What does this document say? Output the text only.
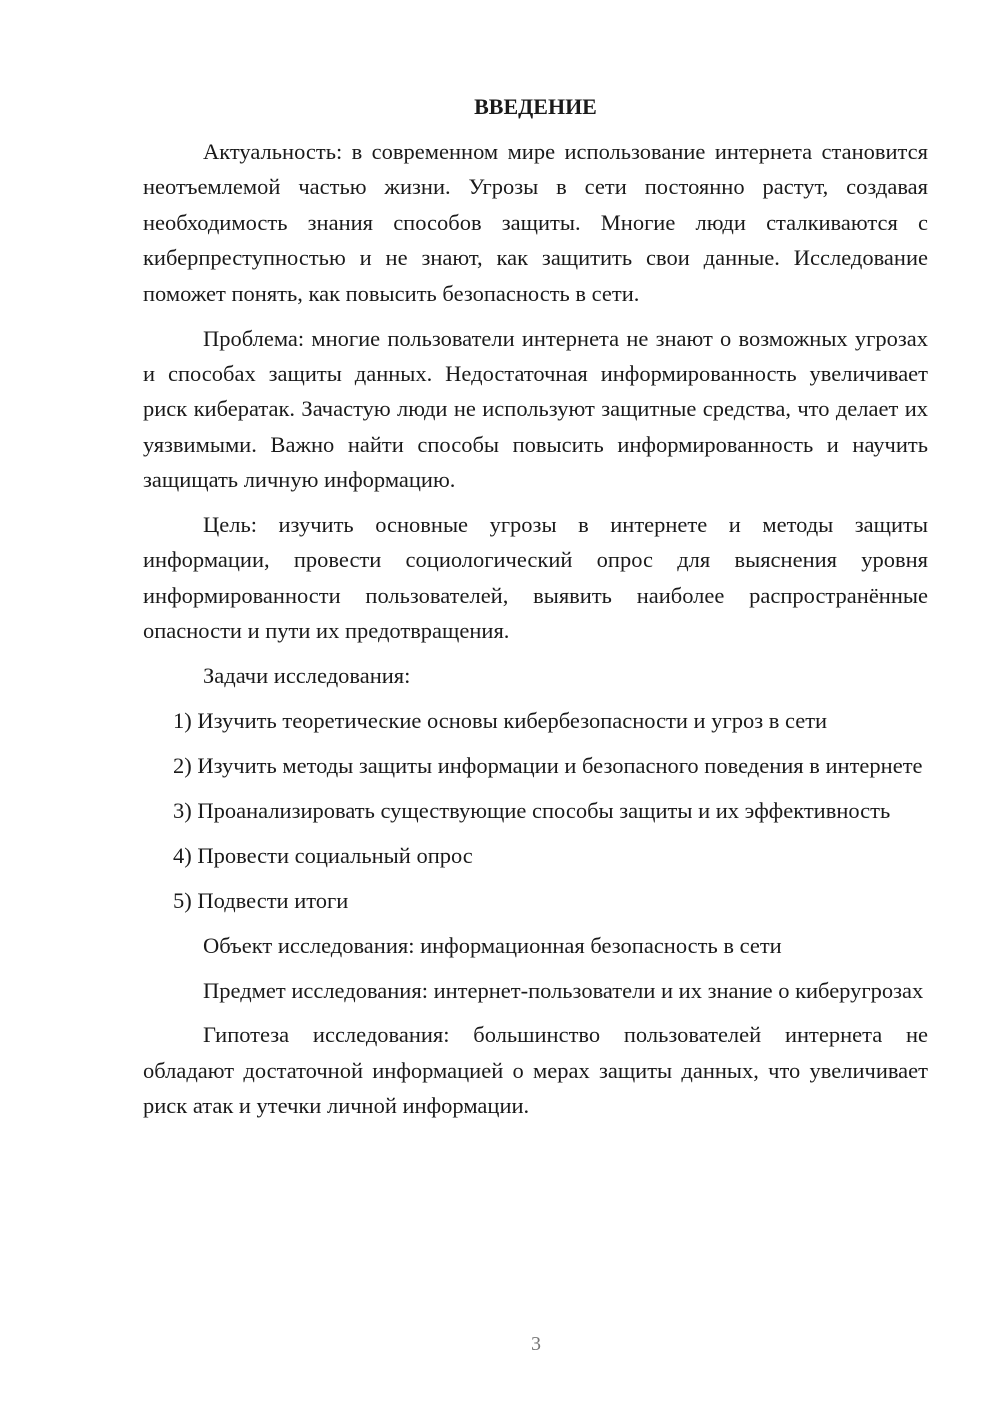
ВВЕДЕНИЕ

Актуальность: в современном мире использование интернета становится неотъемлемой частью жизни. Угрозы в сети постоянно растут, создавая необходимость знания способов защиты. Многие люди сталкиваются с киберпреступностью и не знают, как защитить свои данные. Исследование поможет понять, как повысить безопасность в сети.

Проблема: многие пользователи интернета не знают о возможных угрозах и способах защиты данных. Недостаточная информированность увеличивает риск кибератак. Зачастую люди не используют защитные средства, что делает их уязвимыми. Важно найти способы повысить информированность и научить защищать личную информацию.

Цель: изучить основные угрозы в интернете и методы защиты информации, провести социологический опрос для выяснения уровня информированности пользователей, выявить наиболее распространённые опасности и пути их предотвращения.

Задачи исследования:

1) Изучить теоретические основы кибербезопасности и угроз в сети

2) Изучить методы защиты информации и безопасного поведения в интернете

3) Проанализировать существующие способы защиты и их эффективность

4) Провести социальный опрос

5) Подвести итоги

Объект исследования: информационная безопасность в сети

Предмет исследования: интернет-пользователи и их знание о киберугрозах

Гипотеза исследования: большинство пользователей интернета не обладают достаточной информацией о мерах защиты данных, что увеличивает риск атак и утечки личной информации.

3
